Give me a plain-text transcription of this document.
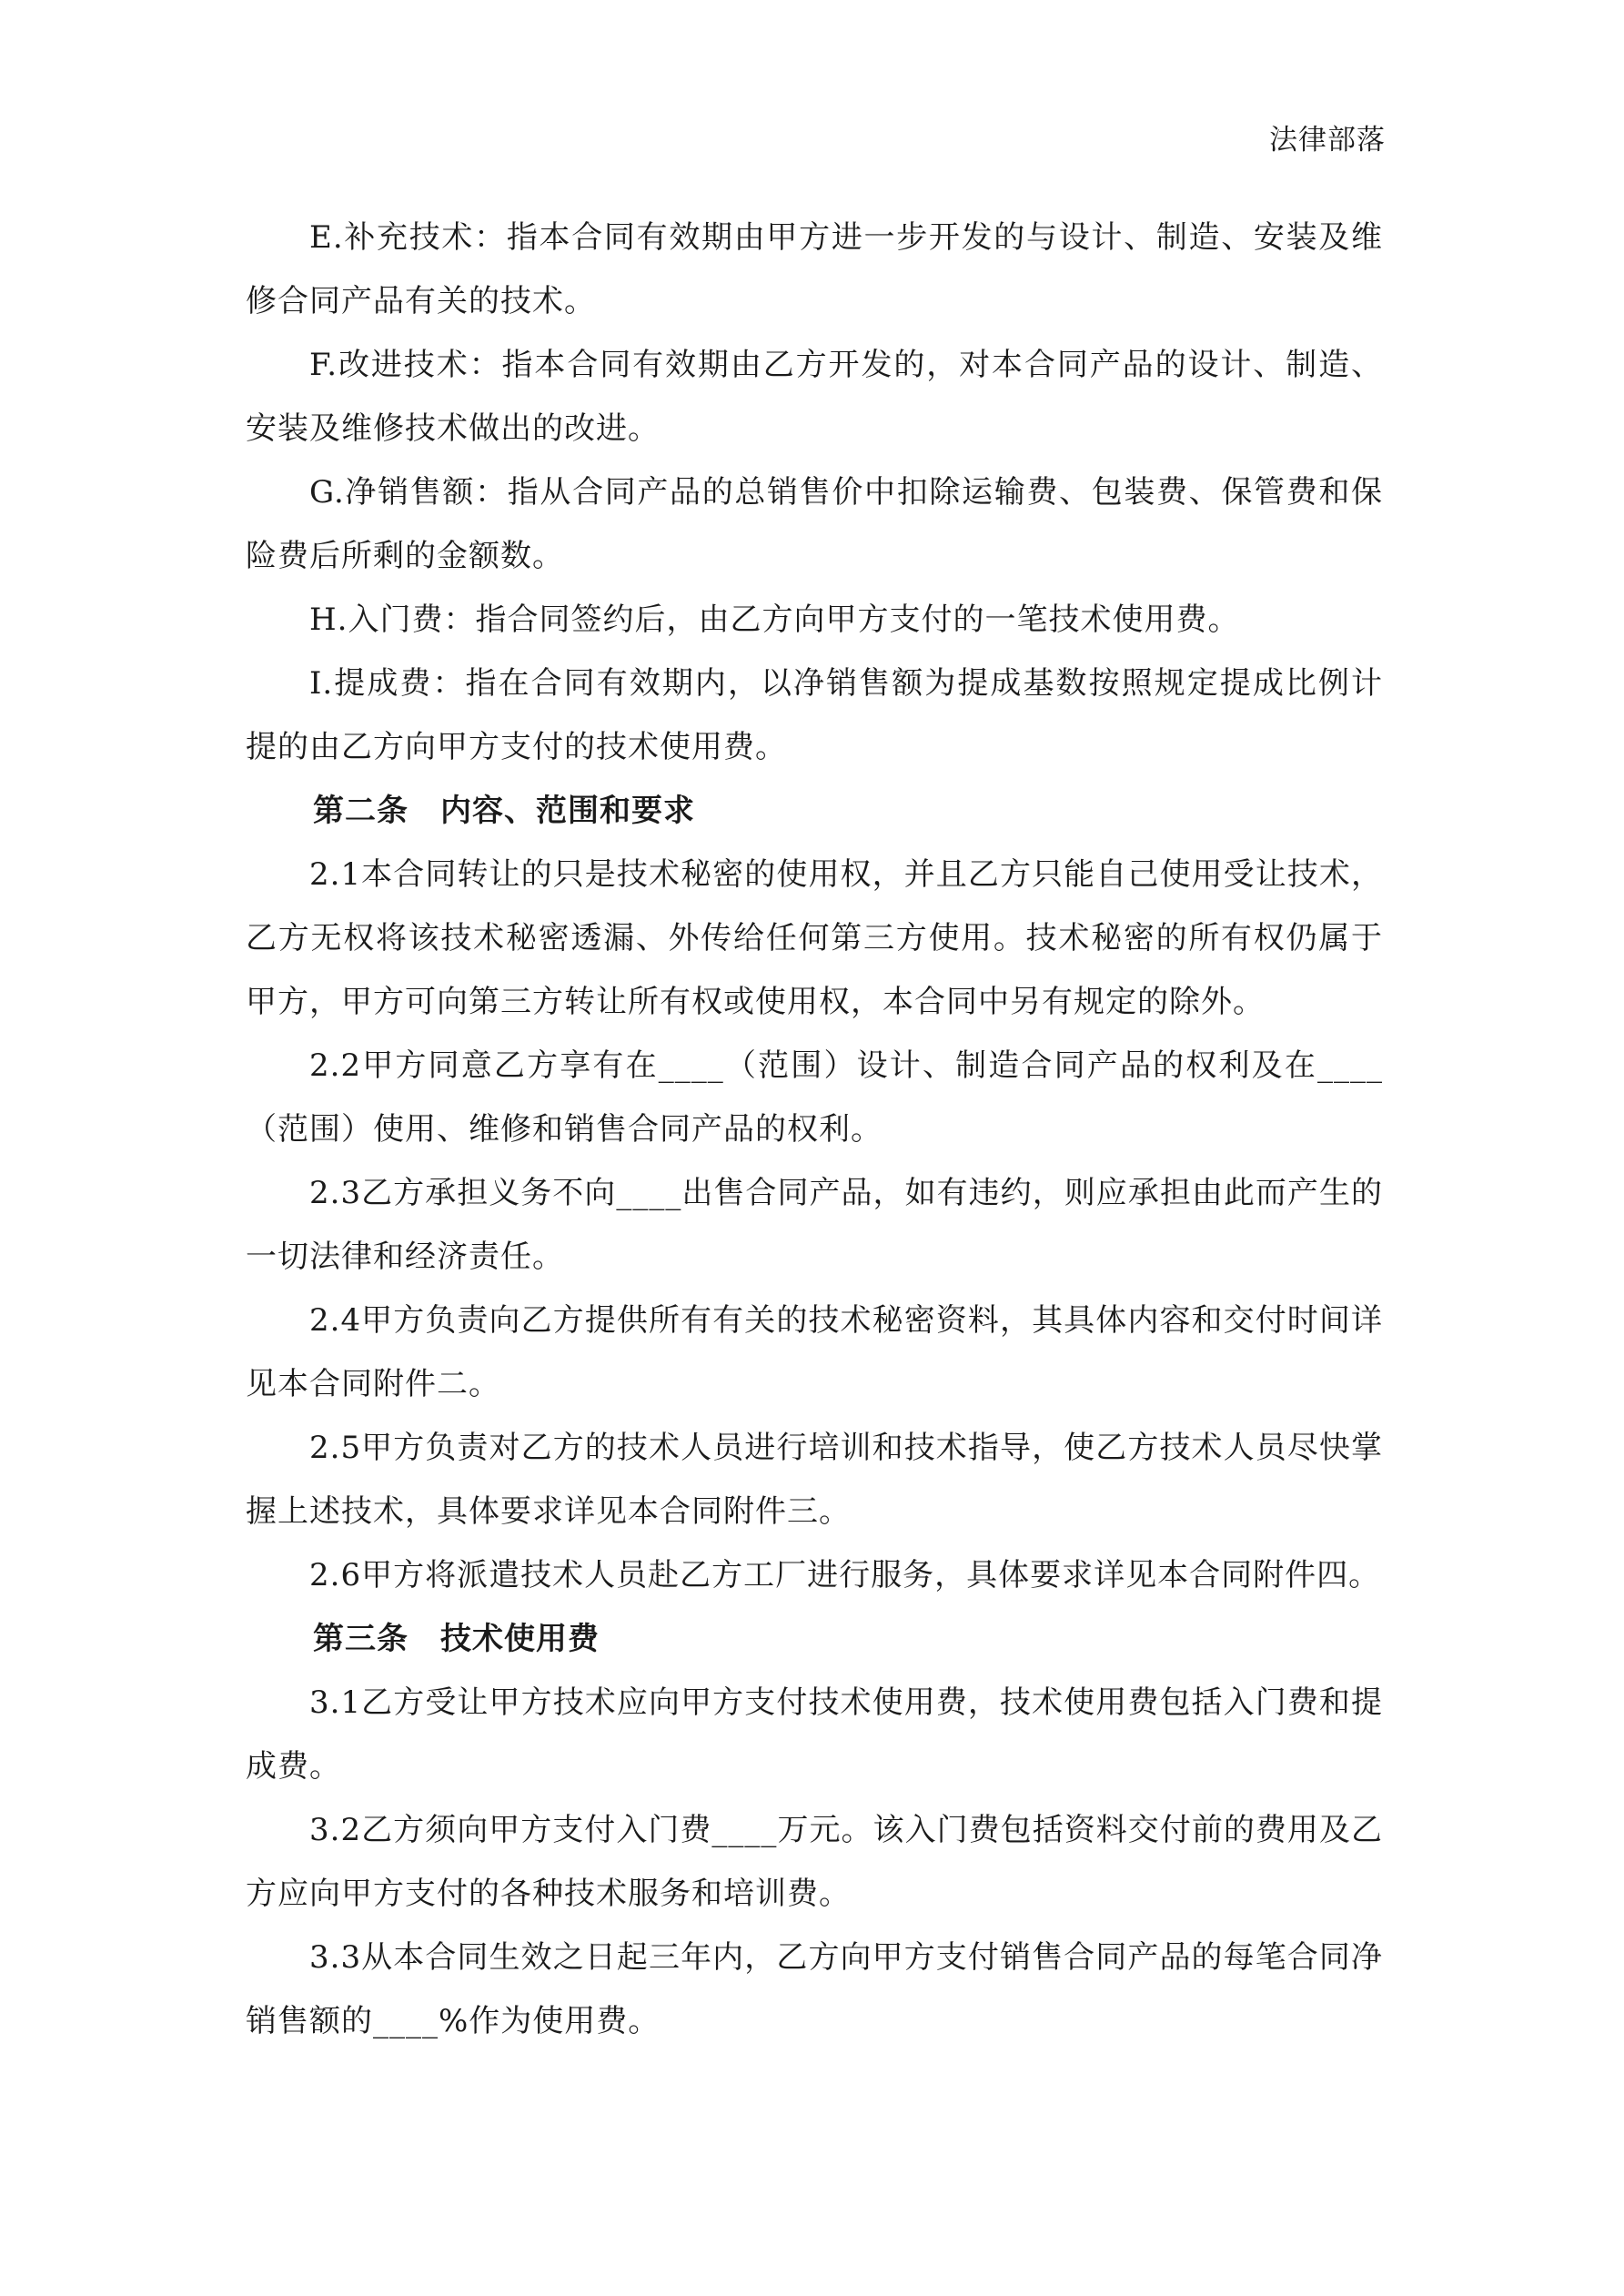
法律部落

E.补充技术：指本合同有效期由甲方进一步开发的与设计、制造、安装及维修合同产品有关的技术。

F.改进技术：指本合同有效期由乙方开发的，对本合同产品的设计、制造、安装及维修技术做出的改进。

G.净销售额：指从合同产品的总销售价中扣除运输费、包装费、保管费和保险费后所剩的金额数。

H.入门费：指合同签约后，由乙方向甲方支付的一笔技术使用费。

I.提成费：指在合同有效期内，以净销售额为提成基数按照规定提成比例计提的由乙方向甲方支付的技术使用费。

第二条　内容、范围和要求

2.1本合同转让的只是技术秘密的使用权，并且乙方只能自己使用受让技术，乙方无权将该技术秘密透漏、外传给任何第三方使用。技术秘密的所有权仍属于甲方，甲方可向第三方转让所有权或使用权，本合同中另有规定的除外。

2.2甲方同意乙方享有在____（范围）设计、制造合同产品的权利及在____（范围）使用、维修和销售合同产品的权利。

2.3乙方承担义务不向____出售合同产品，如有违约，则应承担由此而产生的一切法律和经济责任。

2.4甲方负责向乙方提供所有有关的技术秘密资料，其具体内容和交付时间详见本合同附件二。

2.5甲方负责对乙方的技术人员进行培训和技术指导，使乙方技术人员尽快掌握上述技术，具体要求详见本合同附件三。

2.6甲方将派遣技术人员赴乙方工厂进行服务，具体要求详见本合同附件四。

第三条　技术使用费

3.1乙方受让甲方技术应向甲方支付技术使用费，技术使用费包括入门费和提成费。

3.2乙方须向甲方支付入门费____万元。该入门费包括资料交付前的费用及乙方应向甲方支付的各种技术服务和培训费。

3.3从本合同生效之日起三年内，乙方向甲方支付销售合同产品的每笔合同净销售额的____%作为使用费。
